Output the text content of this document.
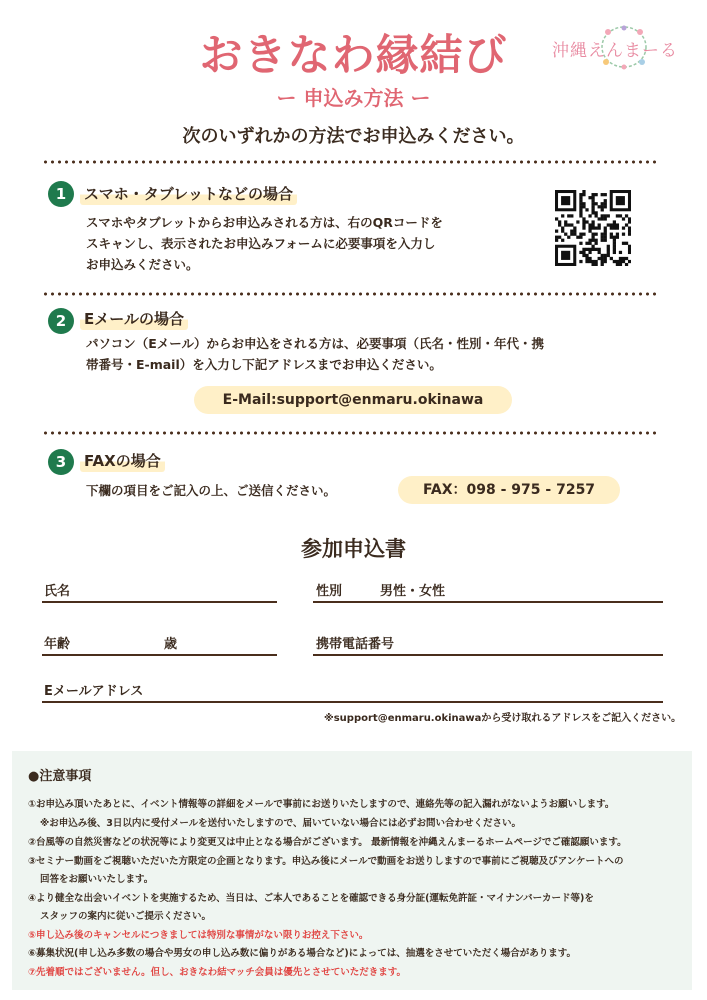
おきなわ縁結び
ー 申込み方法 ー
沖縄えんまーる
次のいずれかの方法でお申込みください。
1	スマホ・タブレットなどの場合
スマホやタブレットからお申込みされる方は、右のQRコードを
スキャンし、表示されたお申込みフォームに必要事項を入力し
お申込みください。
2	Eメールの場合
パソコン（Eメール）からお申込をされる方は、必要事項（氏名・性別・年代・携
帯番号・E-mail）を入力し下記アドレスまでお申込ください。
E-Mail:support@enmaru.okinawa
3	FAXの場合
下欄の項目をご記入の上、ご送信ください。	FAX：098 - 975 - 7257
参加申込書
氏名	性別	男性・女性
年齢	歳	携帯電話番号
Eメールアドレス
※support@enmaru.okinawaから受け取れるアドレスをご記入ください。
●注意事項
①お申込み頂いたあとに、イベント情報等の詳細をメールで事前にお送りいたしますので、連絡先等の記入漏れがないようお願いします。
※お申込み後、3日以内に受付メールを送付いたしますので、届いていない場合には必ずお問い合わせください。
②台風等の自然災害などの状況等により変更又は中止となる場合がございます。 最新情報を沖縄えんまーるホームページでご確認願います。
③セミナー動画をご視聴いただいた方限定の企画となります。申込み後にメールで動画をお送りしますので事前にご視聴及びアンケートへの
回答をお願いいたします。
④より健全な出会いイベントを実施するため、当日は、ご本人であることを確認できる身分証(運転免許証・マイナンバーカード等)を
スタッフの案内に従いご提示ください。
⑤申し込み後のキャンセルにつきましては特別な事情がない限りお控え下さい。
⑥募集状況(申し込み多数の場合や男女の申し込み数に偏りがある場合など)によっては、抽選をさせていただく場合があります。
⑦先着順ではございません。但し、おきなわ結マッチ会員は優先とさせていただきます。
